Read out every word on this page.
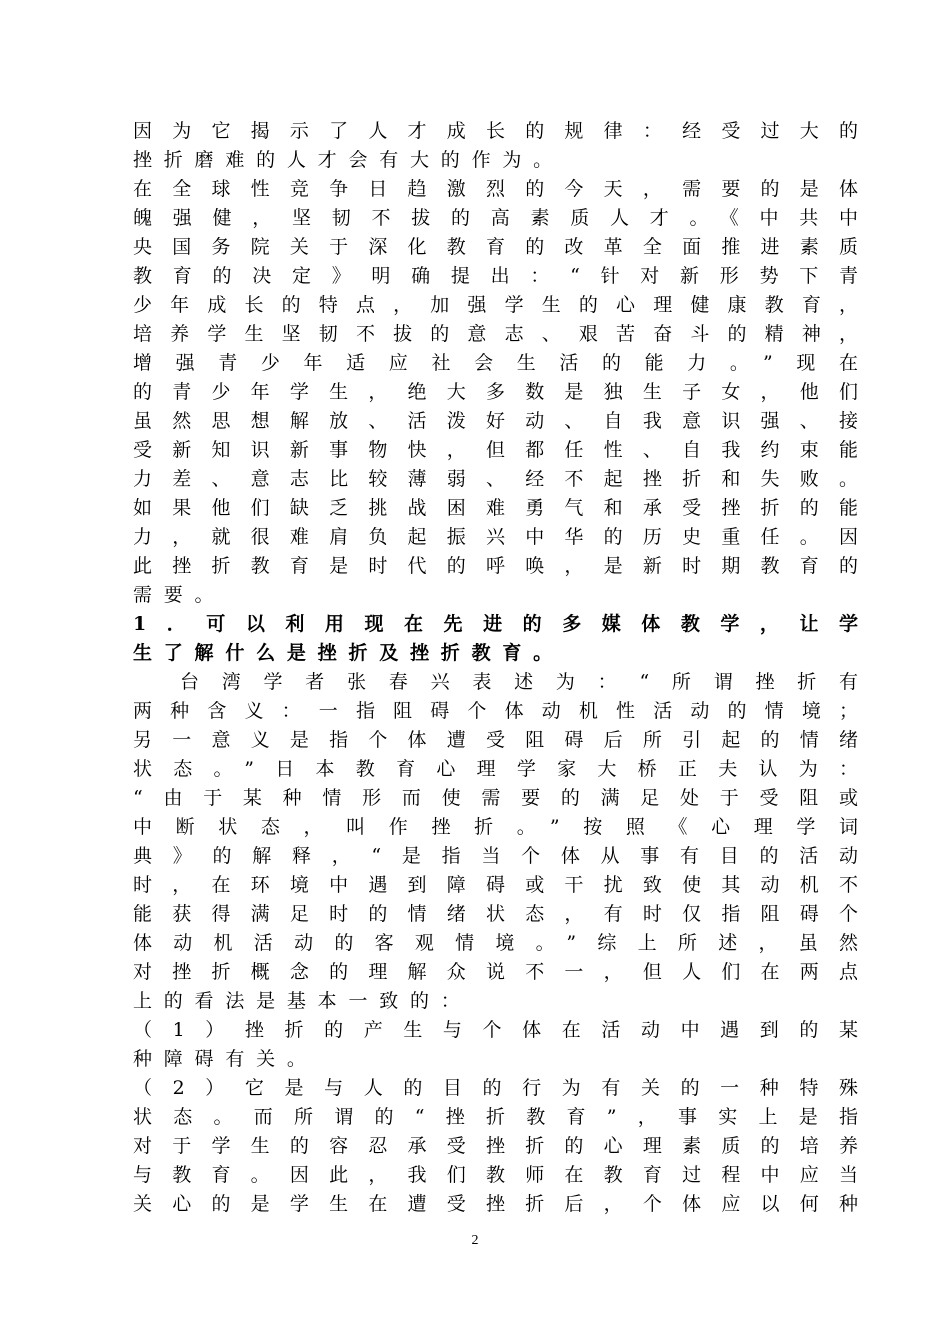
因为它揭示了人才成长的规律：经受过大的
挫折磨难的人才会有大的作为。
在全球性竞争日趋激烈的今天，需要的是体
魄强健，坚韧不拔的高素质人才。《中共中
央国务院关于深化教育的改革全面推进素质
教育的决定》明确提出：“针对新形势下青
少年成长的特点，加强学生的心理健康教育，
培养学生坚韧不拔的意志、艰苦奋斗的精神，
增强青少年适应社会生活的能力。”现在
的青少年学生，绝大多数是独生子女，他们
虽然思想解放、活泼好动、自我意识强、接
受新知识新事物快，但都任性、自我约束能
力差、意志比较薄弱、经不起挫折和失败。
如果他们缺乏挑战困难勇气和承受挫折的能
力，就很难肩负起振兴中华的历史重任。因
此挫折教育是时代的呼唤，是新时期教育的
需要。
1．可以利用现在先进的多媒体教学，让学
生了解什么是挫折及挫折教育。
台湾学者张春兴表述为：“所谓挫折有
两种含义：一指阻碍个体动机性活动的情境；
另一意义是指个体遭受阻碍后所引起的情绪
状态。”日本教育心理学家大桥正夫认为：
“由于某种情形而使需要的满足处于受阻或
中断状态，叫作挫折。”按照《心理学词
典》的解释，“是指当个体从事有目的活动
时，在环境中遇到障碍或干扰致使其动机不
能获得满足时的情绪状态，有时仅指阻碍个
体动机活动的客观情境。”综上所述，虽然
对挫折概念的理解众说不一，但人们在两点
上的看法是基本一致的：
（1）挫折的产生与个体在活动中遇到的某
种障碍有关。
（2）它是与人的目的行为有关的一种特殊
状态。而所谓的“挫折教育”，事实上是指
对于学生的容忍承受挫折的心理素质的培养
与教育。因此，我们教师在教育过程中应当
关心的是学生在遭受挫折后，个体应以何种
2
